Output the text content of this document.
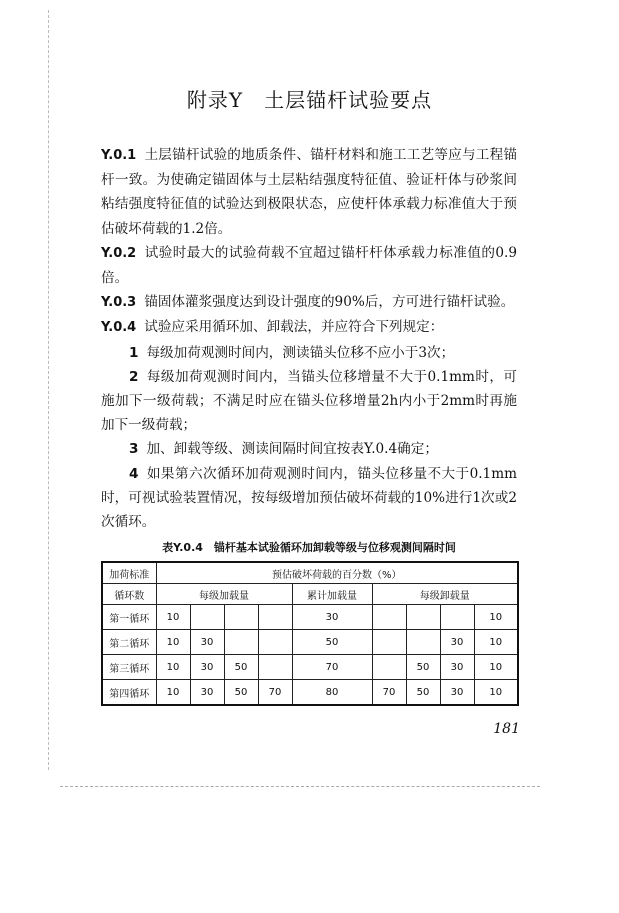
附录Y　土层锚杆试验要点

Y.0.1 土层锚杆试验的地质条件、锚杆材料和施工工艺等应与工程锚杆一致。为使确定锚固体与土层粘结强度特征值、验证杆体与砂浆间粘结强度特征值的试验达到极限状态，应使杆体承载力标准值大于预估破坏荷载的1.2倍。

Y.0.2 试验时最大的试验荷载不宜超过锚杆杆体承载力标准值的0.9倍。

Y.0.3 锚固体灌浆强度达到设计强度的90%后，方可进行锚杆试验。

Y.0.4 试验应采用循环加、卸载法，并应符合下列规定：

1 每级加荷观测时间内，测读锚头位移不应小于3次；

2 每级加荷观测时间内，当锚头位移增量不大于0.1mm时，可施加下一级荷载；不满足时应在锚头位移增量2h内小于2mm时再施加下一级荷载；

3 加、卸载等级、测读间隔时间宜按表Y.0.4确定；

4 如果第六次循环加荷观测时间内，锚头位移量不大于0.1mm时，可视试验装置情况，按每级增加预估破坏荷载的10%进行1次或2次循环。

表Y.0.4　锚杆基本试验循环加卸载等级与位移观测间隔时间
加荷标准	预估破坏荷载的百分数（%）								
循环数	每级加载量				累计加载量	每级卸载量			
第一循环	10				30				10
第二循环	10	30			50			30	10
第三循环	10	30	50		70		50	30	10
第四循环	10	30	50	70	80	70	50	30	10
181
